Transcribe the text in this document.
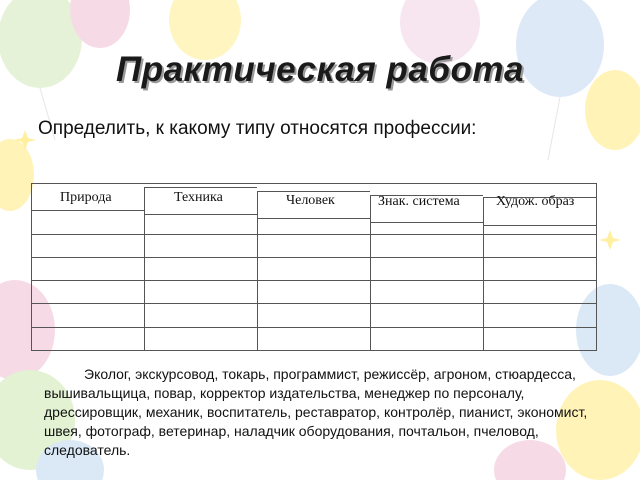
Практическая работа
Определить, к какому типу относятся профессии:
Природа	Техника	Человек	Знак. система	Худож. образ
Эколог, экскурсовод, токарь, программист, режиссёр, агроном, стюардесса, вышивальщица, повар, корректор издательства, менеджер по персоналу, дрессировщик, механик, воспитатель, реставратор, контролёр, пианист, экономист, швея, фотограф, ветеринар, наладчик оборудования, почтальон, пчеловод, следователь.
